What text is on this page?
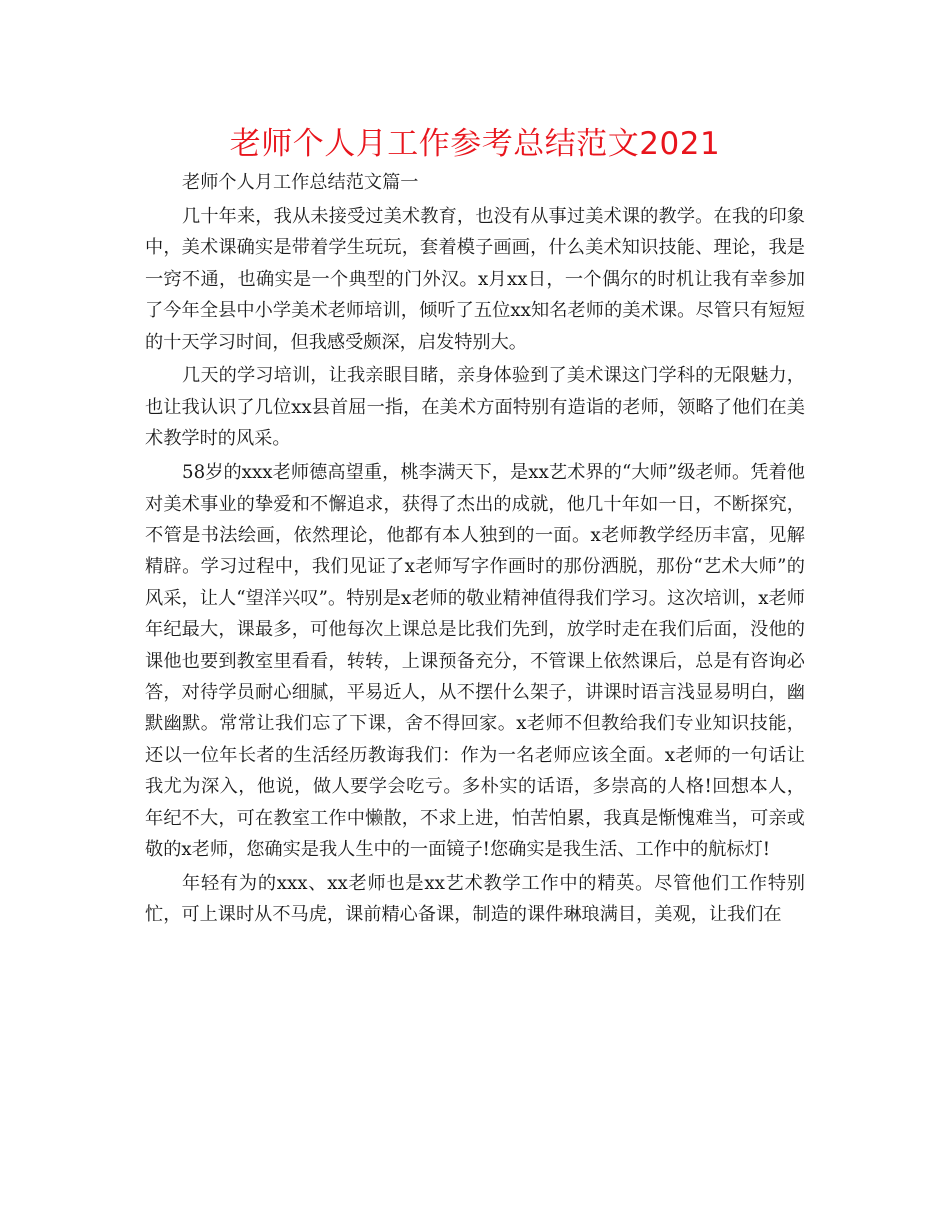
老师个人月工作参考总结范文2021

老师个人月工作总结范文篇一

几十年来，我从未接受过美术教育，也没有从事过美术课的教学。在我的印象中，美术课确实是带着学生玩玩，套着模子画画，什么美术知识技能、理论，我是一窍不通，也确实是一个典型的门外汉。x月xx日，一个偶尔的时机让我有幸参加了今年全县中小学美术老师培训，倾听了五位xx知名老师的美术课。尽管只有短短的十天学习时间，但我感受颇深，启发特别大。

几天的学习培训，让我亲眼目睹，亲身体验到了美术课这门学科的无限魅力，也让我认识了几位xx县首屈一指，在美术方面特别有造诣的老师，领略了他们在美术教学时的风采。

58岁的xxx老师德高望重，桃李满天下，是xx艺术界的“大师”级老师。凭着他对美术事业的挚爱和不懈追求，获得了杰出的成就，他几十年如一日，不断探究，不管是书法绘画，依然理论，他都有本人独到的一面。x老师教学经历丰富，见解精辟。学习过程中，我们见证了x老师写字作画时的那份洒脱，那份“艺术大师”的风采，让人“望洋兴叹”。特别是x老师的敬业精神值得我们学习。这次培训，x老师年纪最大，课最多，可他每次上课总是比我们先到，放学时走在我们后面，没他的课他也要到教室里看看，转转，上课预备充分，不管课上依然课后，总是有咨询必答，对待学员耐心细腻，平易近人，从不摆什么架子，讲课时语言浅显易明白，幽默幽默。常常让我们忘了下课，舍不得回家。x老师不但教给我们专业知识技能，还以一位年长者的生活经历教诲我们：作为一名老师应该全面。x老师的一句话让我尤为深入，他说，做人要学会吃亏。多朴实的话语，多崇高的人格!回想本人，年纪不大，可在教室工作中懒散，不求上进，怕苦怕累，我真是惭愧难当，可亲或敬的x老师，您确实是我人生中的一面镜子!您确实是我生活、工作中的航标灯!

年轻有为的xxx、xx老师也是xx艺术教学工作中的精英。尽管他们工作特别忙，可上课时从不马虎，课前精心备课，制造的课件琳琅满目，美观，让我们在
